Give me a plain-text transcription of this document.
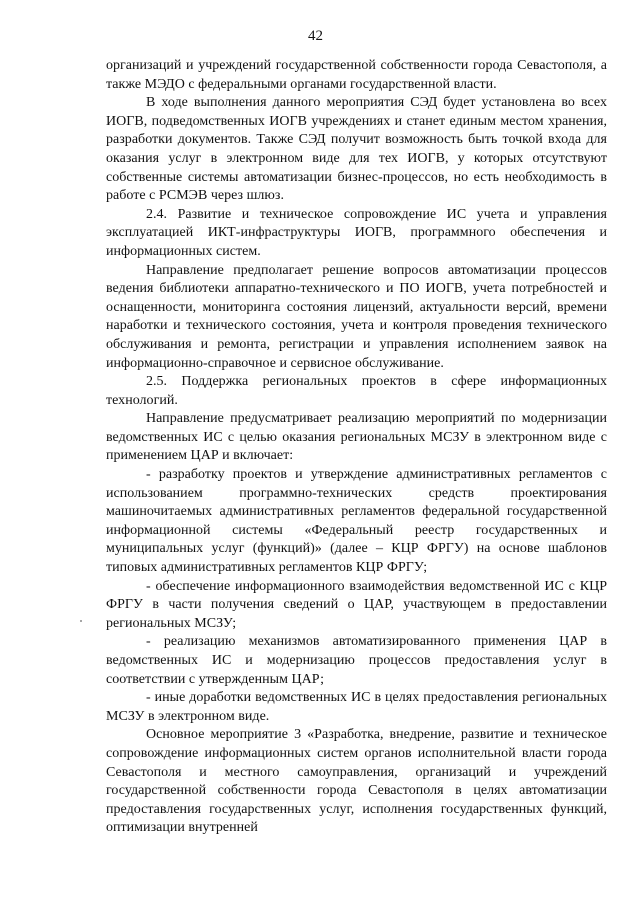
42

организаций и учреждений государственной собственности города Севастополя, а также МЭДО с федеральными органами государственной власти.

В ходе выполнения данного мероприятия СЭД будет установлена во всех ИОГВ, подведомственных ИОГВ учреждениях и станет единым местом хранения, разработки документов. Также СЭД получит возможность быть точкой входа для оказания услуг в электронном виде для тех ИОГВ, у которых отсутствуют собственные системы автоматизации бизнес-процессов, но есть необходимость в работе с РСМЭВ через шлюз.

2.4. Развитие и техническое сопровождение ИС учета и управления эксплуатацией ИКТ-инфраструктуры ИОГВ, программного обеспечения и информационных систем.

Направление предполагает решение вопросов автоматизации процессов ведения библиотеки аппаратно-технического и ПО ИОГВ, учета потребностей и оснащенности, мониторинга состояния лицензий, актуальности версий, времени наработки и технического состояния, учета и контроля проведения технического обслуживания и ремонта, регистрации и управления исполнением заявок на информационно-справочное и сервисное обслуживание.

2.5. Поддержка региональных проектов в сфере информационных технологий.

Направление предусматривает реализацию мероприятий по модернизации ведомственных ИС с целью оказания региональных МСЗУ в электронном виде с применением ЦАР и включает:

- разработку проектов и утверждение административных регламентов с использованием программно-технических средств проектирования машиночитаемых административных регламентов федеральной государственной информационной системы «Федеральный реестр государственных и муниципальных услуг (функций)» (далее – КЦР ФРГУ) на основе шаблонов типовых административных регламентов КЦР ФРГУ;

- обеспечение информационного взаимодействия ведомственной ИС с КЦР ФРГУ в части получения сведений о ЦАР, участвующем в предоставлении региональных МСЗУ;

- реализацию механизмов автоматизированного применения ЦАР в ведомственных ИС и модернизацию процессов предоставления услуг в соответствии с утвержденным ЦАР;

- иные доработки ведомственных ИС в целях предоставления региональных МСЗУ в электронном виде.

Основное мероприятие 3 «Разработка, внедрение, развитие и техническое сопровождение информационных систем органов исполнительной власти города Севастополя и местного самоуправления, организаций и учреждений государственной собственности города Севастополя в целях автоматизации предоставления государственных услуг, исполнения государственных функций, оптимизации внутренней
